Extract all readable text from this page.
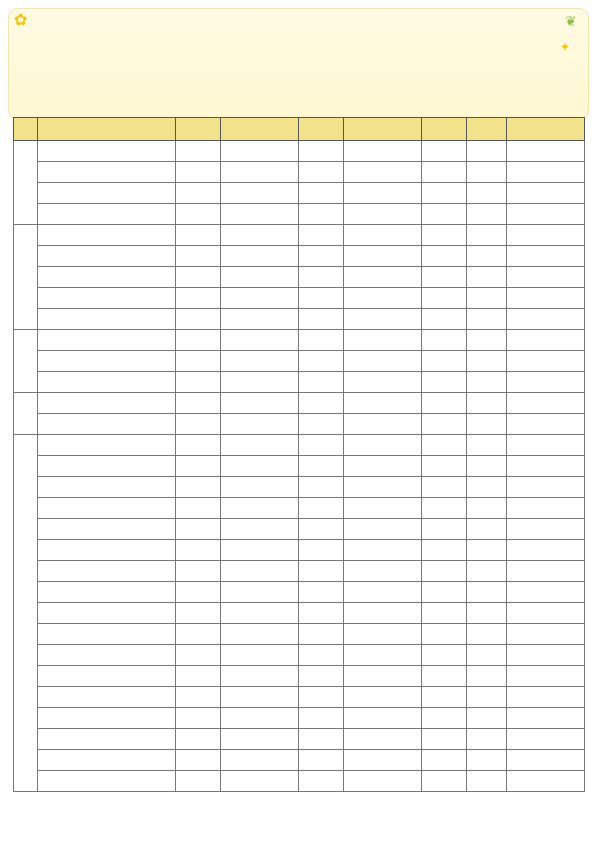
✿
✦
❦
